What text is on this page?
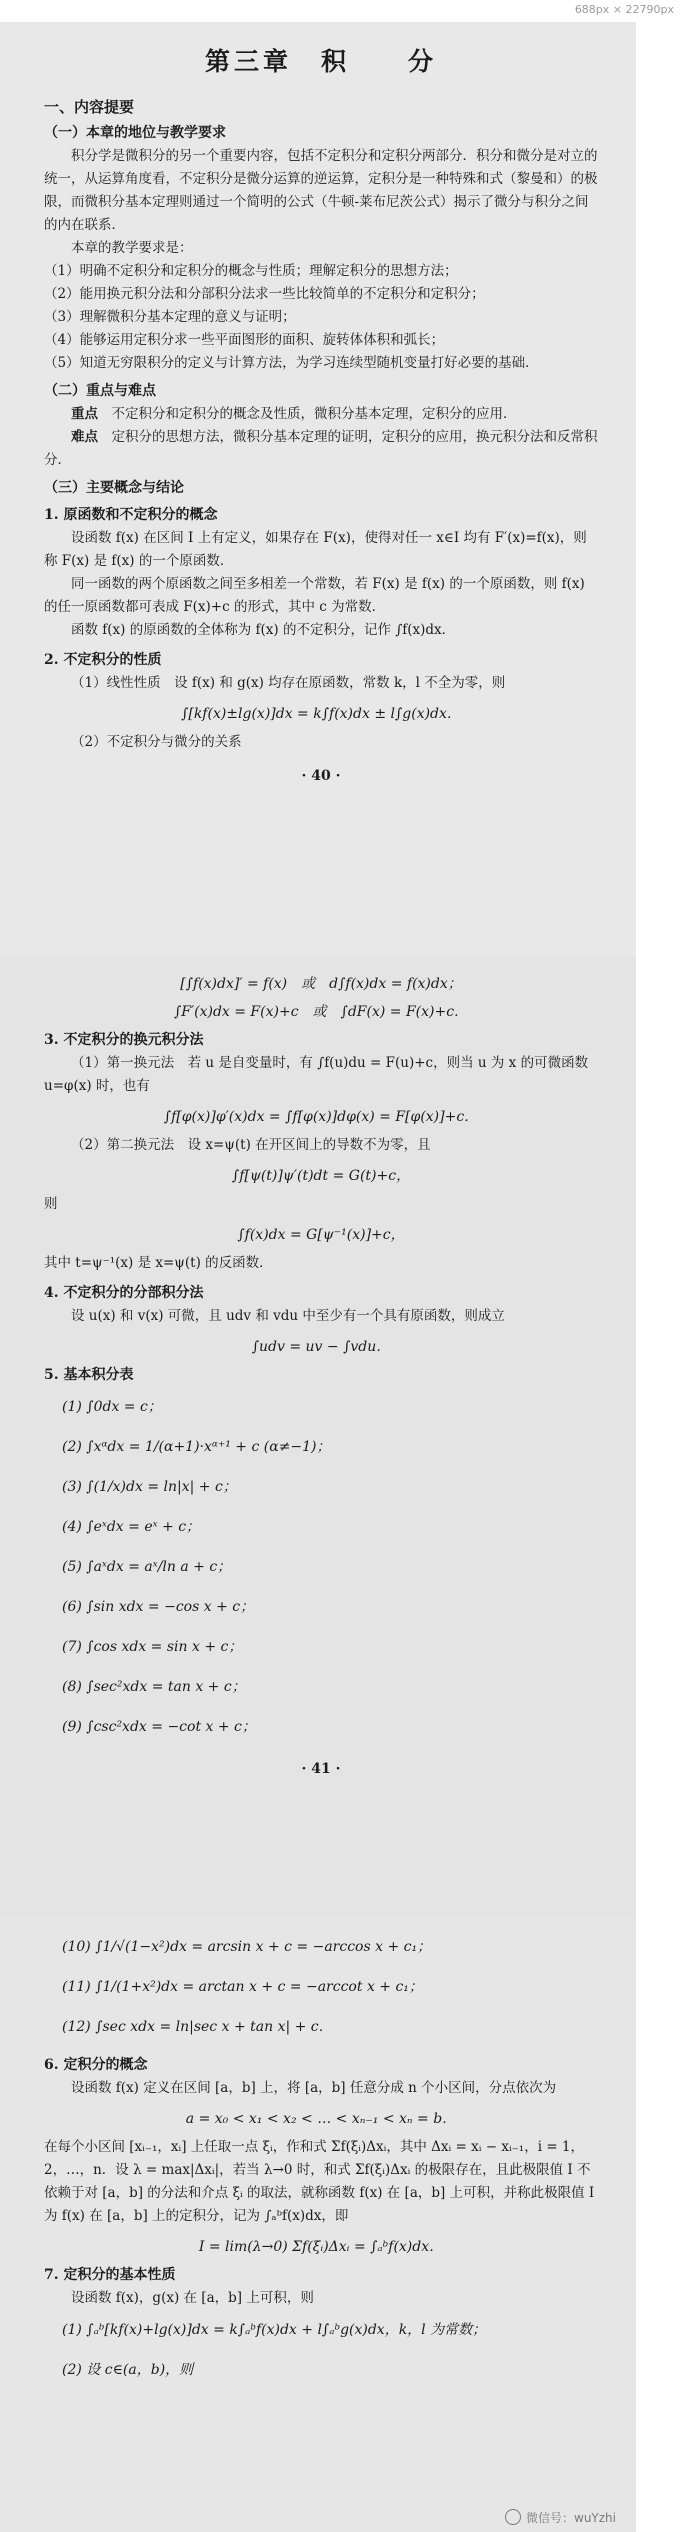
688px × 22790px
第三章　积　　分
一、内容提要
（一）本章的地位与教学要求

积分学是微积分的另一个重要内容，包括不定积分和定积分两部分．积分和微分是对立的统一，从运算角度看，不定积分是微分运算的逆运算，定积分是一种特殊和式（黎曼和）的极限，而微积分基本定理则通过一个简明的公式（牛顿-莱布尼茨公式）揭示了微分与积分之间的内在联系．

本章的教学要求是：

（1）明确不定积分和定积分的概念与性质；理解定积分的思想方法；
（2）能用换元积分法和分部积分法求一些比较简单的不定积分和定积分；
（3）理解微积分基本定理的意义与证明；
（4）能够运用定积分求一些平面图形的面积、旋转体体积和弧长；
（5）知道无穷限积分的定义与计算方法，为学习连续型随机变量打好必要的基础．
（二）重点与难点

重点　不定积分和定积分的概念及性质，微积分基本定理，定积分的应用．

难点　定积分的思想方法，微积分基本定理的证明，定积分的应用，换元积分法和反常积分．

（三）主要概念与结论
1. 原函数和不定积分的概念

设函数 f(x) 在区间 I 上有定义，如果存在 F(x)，使得对任一 x∈I 均有 F′(x)=f(x)，则称 F(x) 是 f(x) 的一个原函数．

同一函数的两个原函数之间至多相差一个常数，若 F(x) 是 f(x) 的一个原函数，则 f(x) 的任一原函数都可表成 F(x)+c 的形式，其中 c 为常数．

函数 f(x) 的原函数的全体称为 f(x) 的不定积分，记作 ∫f(x)dx．

2. 不定积分的性质

（1）线性性质　设 f(x) 和 g(x) 均存在原函数，常数 k，l 不全为零，则

∫[kf(x)±lg(x)]dx = k∫f(x)dx ± l∫g(x)dx．

（2）不定积分与微分的关系

· 40 ·
[∫f(x)dx]′ = f(x)　或　d∫f(x)dx = f(x)dx；
∫F′(x)dx = F(x)+c　或　∫dF(x) = F(x)+c．
3. 不定积分的换元积分法

（1）第一换元法　若 u 是自变量时，有 ∫f(u)du = F(u)+c，则当 u 为 x 的可微函数 u=φ(x) 时，也有

∫f[φ(x)]φ′(x)dx = ∫f[φ(x)]dφ(x) = F[φ(x)]+c．

（2）第二换元法　设 x=ψ(t) 在开区间上的导数不为零，且

∫f[ψ(t)]ψ′(t)dt = G(t)+c，

则

∫f(x)dx = G[ψ⁻¹(x)]+c，

其中 t=ψ⁻¹(x) 是 x=ψ(t) 的反函数．

4. 不定积分的分部积分法

设 u(x) 和 v(x) 可微，且 udv 和 vdu 中至少有一个具有原函数，则成立

∫udv = uv − ∫vdu．
5. 基本积分表
(1) ∫0dx = c；
(2) ∫xᵅdx = 1/(α+1)·xᵅ⁺¹ + c (α≠−1)；
(3) ∫(1/x)dx = ln|x| + c；
(4) ∫eˣdx = eˣ + c；
(5) ∫aˣdx = aˣ/ln a + c；
(6) ∫sin xdx = −cos x + c；
(7) ∫cos xdx = sin x + c；
(8) ∫sec²xdx = tan x + c；
(9) ∫csc²xdx = −cot x + c；
· 41 ·
(10) ∫1/√(1−x²)dx = arcsin x + c = −arccos x + c₁；
(11) ∫1/(1+x²)dx = arctan x + c = −arccot x + c₁；
(12) ∫sec xdx = ln|sec x + tan x| + c．
6. 定积分的概念

设函数 f(x) 定义在区间 [a，b] 上，将 [a，b] 任意分成 n 个小区间，分点依次为

a = x₀ < x₁ < x₂ < … < xₙ₋₁ < xₙ = b．

在每个小区间 [xᵢ₋₁，xᵢ] 上任取一点 ξᵢ，作和式 Σf(ξᵢ)Δxᵢ，其中 Δxᵢ = xᵢ − xᵢ₋₁，i = 1，2，…，n．设 λ = max|Δxᵢ|，若当 λ→0 时，和式 Σf(ξᵢ)Δxᵢ 的极限存在，且此极限值 I 不依赖于对 [a，b] 的分法和介点 ξᵢ 的取法，就称函数 f(x) 在 [a，b] 上可积，并称此极限值 I 为 f(x) 在 [a，b] 上的定积分，记为 ∫ₐᵇf(x)dx，即

I = lim(λ→0) Σf(ξᵢ)Δxᵢ = ∫ₐᵇf(x)dx．
7. 定积分的基本性质

设函数 f(x)，g(x) 在 [a，b] 上可积，则

(1) ∫ₐᵇ[kf(x)+lg(x)]dx = k∫ₐᵇf(x)dx + l∫ₐᵇg(x)dx，k，l 为常数；
(2) 设 c∈(a，b)，则
微信号：wuYzhi
